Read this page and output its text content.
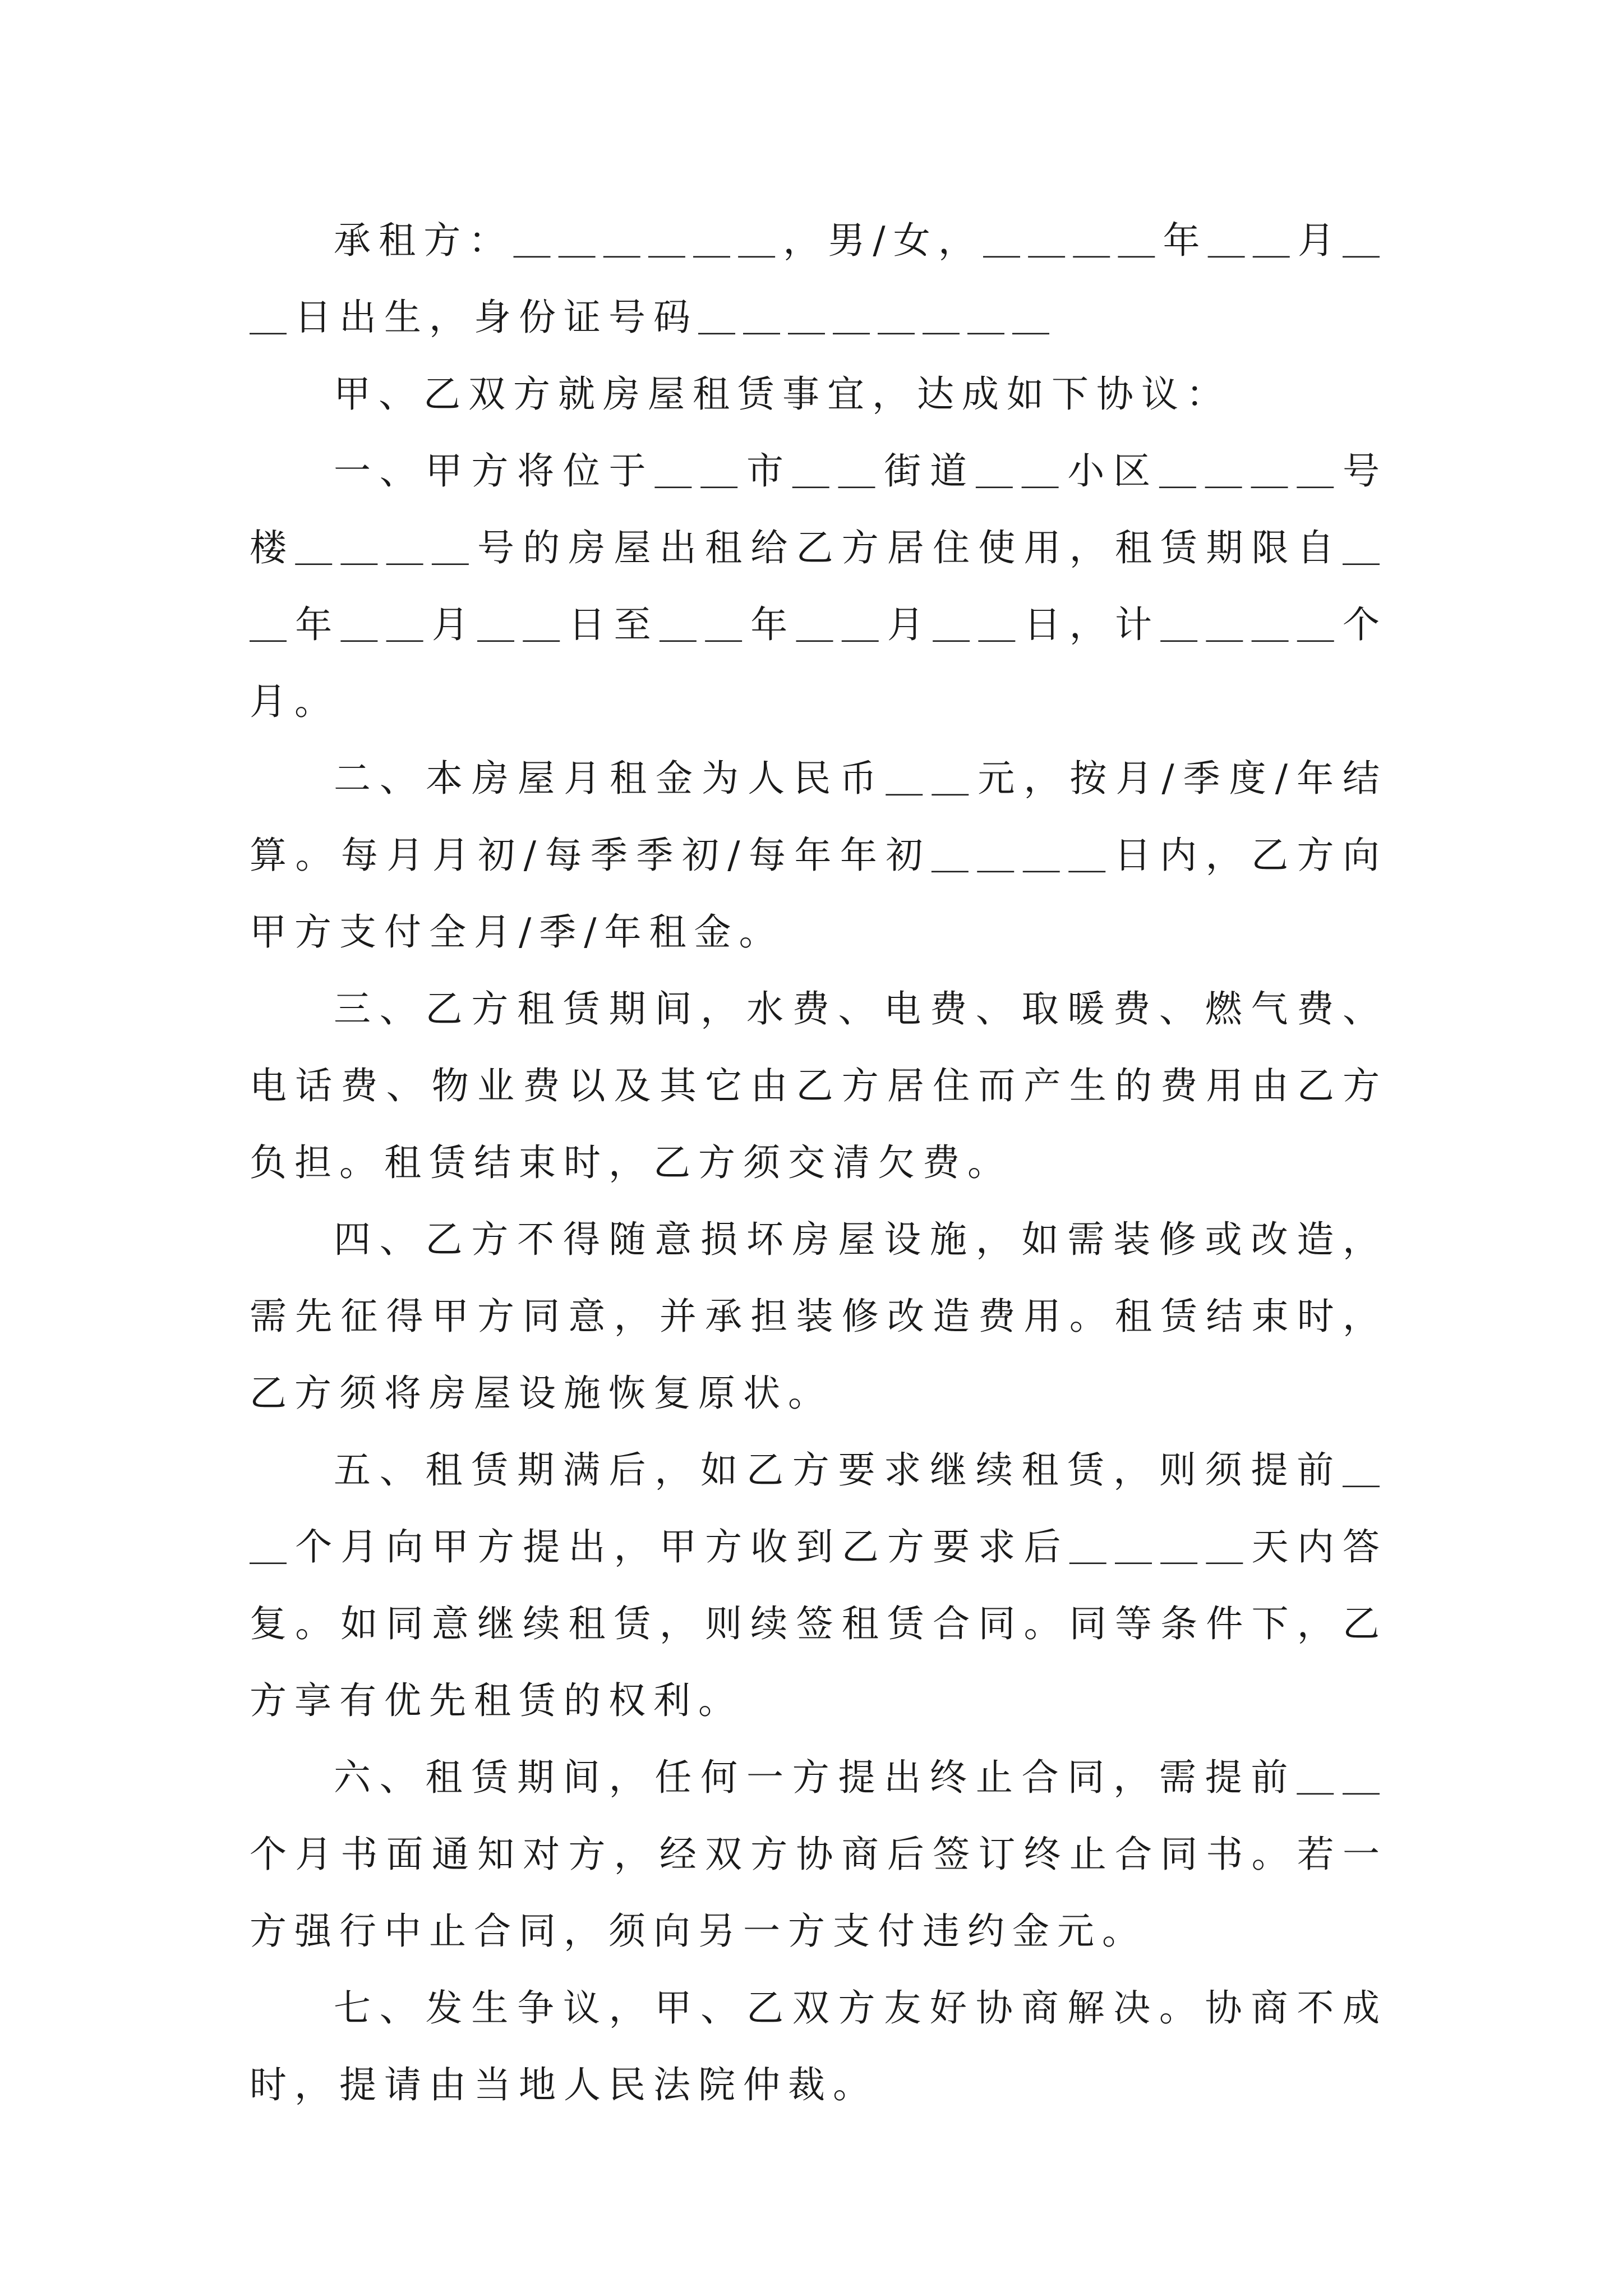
承租方：＿＿＿＿＿＿，男/女，＿＿＿＿年＿＿月＿＿日出生，身份证号码＿＿＿＿＿＿＿＿

甲、乙双方就房屋租赁事宜，达成如下协议：

一、甲方将位于＿＿市＿＿街道＿＿小区＿＿＿＿号楼＿＿＿＿号的房屋出租给乙方居住使用，租赁期限自＿＿年＿＿月＿＿日至＿＿年＿＿月＿＿日，计＿＿＿＿个月。

二、本房屋月租金为人民币＿＿元，按月/季度/年结算。每月月初/每季季初/每年年初＿＿＿＿日内，乙方向甲方支付全月/季/年租金。

三、乙方租赁期间，水费、电费、取暖费、燃气费、电话费、物业费以及其它由乙方居住而产生的费用由乙方负担。租赁结束时，乙方须交清欠费。

四、乙方不得随意损坏房屋设施，如需装修或改造，需先征得甲方同意，并承担装修改造费用。租赁结束时，乙方须将房屋设施恢复原状。

五、租赁期满后，如乙方要求继续租赁，则须提前＿＿个月向甲方提出，甲方收到乙方要求后＿＿＿＿天内答复。如同意继续租赁，则续签租赁合同。同等条件下，乙方享有优先租赁的权利。

六、租赁期间，任何一方提出终止合同，需提前＿＿个月书面通知对方，经双方协商后签订终止合同书。若一方强行中止合同，须向另一方支付违约金元。

七、发生争议，甲、乙双方友好协商解决。协商不成时，提请由当地人民法院仲裁。
